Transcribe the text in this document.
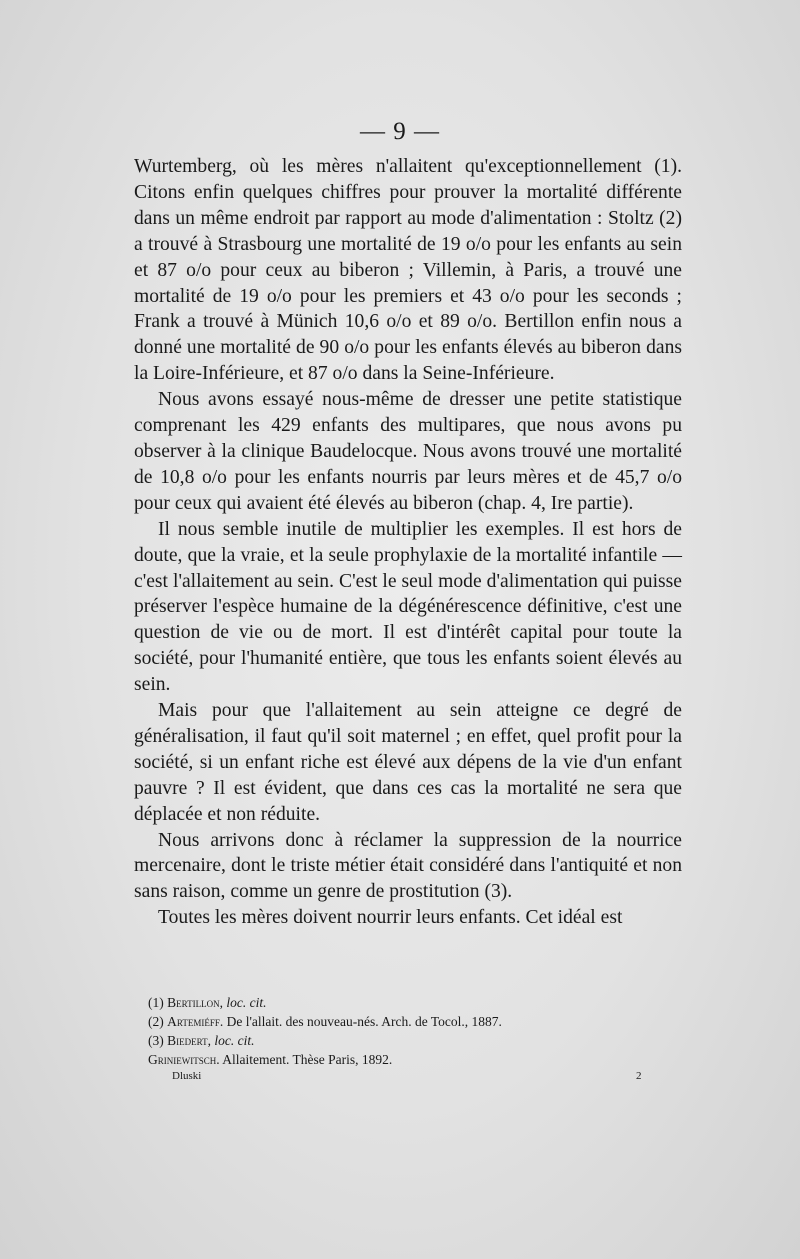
— 9 —

Wurtemberg, où les mères n'allaitent qu'exceptionnellement (1). Citons enfin quelques chiffres pour prouver la mortalité différente dans un même endroit par rapport au mode d'alimentation : Stoltz (2) a trouvé à Strasbourg une mortalité de 19 o/o pour les enfants au sein et 87 o/o pour ceux au biberon ; Villemin, à Paris, a trouvé une mortalité de 19 o/o pour les premiers et 43 o/o pour les seconds ; Frank a trouvé à Münich 10,6 o/o et 89 o/o. Bertillon enfin nous a donné une mortalité de 90 o/o pour les enfants élevés au biberon dans la Loire-Inférieure, et 87 o/o dans la Seine-Inférieure.

Nous avons essayé nous-même de dresser une petite statistique comprenant les 429 enfants des multipares, que nous avons pu observer à la clinique Baudelocque. Nous avons trouvé une mortalité de 10,8 o/o pour les enfants nourris par leurs mères et de 45,7 o/o pour ceux qui avaient été élevés au biberon (chap. 4, Ire partie).

Il nous semble inutile de multiplier les exemples. Il est hors de doute, que la vraie, et la seule prophylaxie de la mortalité infantile — c'est l'allaitement au sein. C'est le seul mode d'alimentation qui puisse préserver l'espèce humaine de la dégénérescence définitive, c'est une question de vie ou de mort. Il est d'intérêt capital pour toute la société, pour l'humanité entière, que tous les enfants soient élevés au sein.

Mais pour que l'allaitement au sein atteigne ce degré de généralisation, il faut qu'il soit maternel ; en effet, quel profit pour la société, si un enfant riche est élevé aux dépens de la vie d'un enfant pauvre ? Il est évident, que dans ces cas la mortalité ne sera que déplacée et non réduite.

Nous arrivons donc à réclamer la suppression de la nourrice mercenaire, dont le triste métier était considéré dans l'antiquité et non sans raison, comme un genre de prostitution (3).

Toutes les mères doivent nourrir leurs enfants. Cet idéal est

(1) Bertillon, loc. cit.
(2) Artemiéff. De l'allait. des nouveau-nés. Arch. de Tocol., 1887.
(3) Biedert, loc. cit.
Griniewitsch. Allaitement. Thèse Paris, 1892.
Dluski	2
